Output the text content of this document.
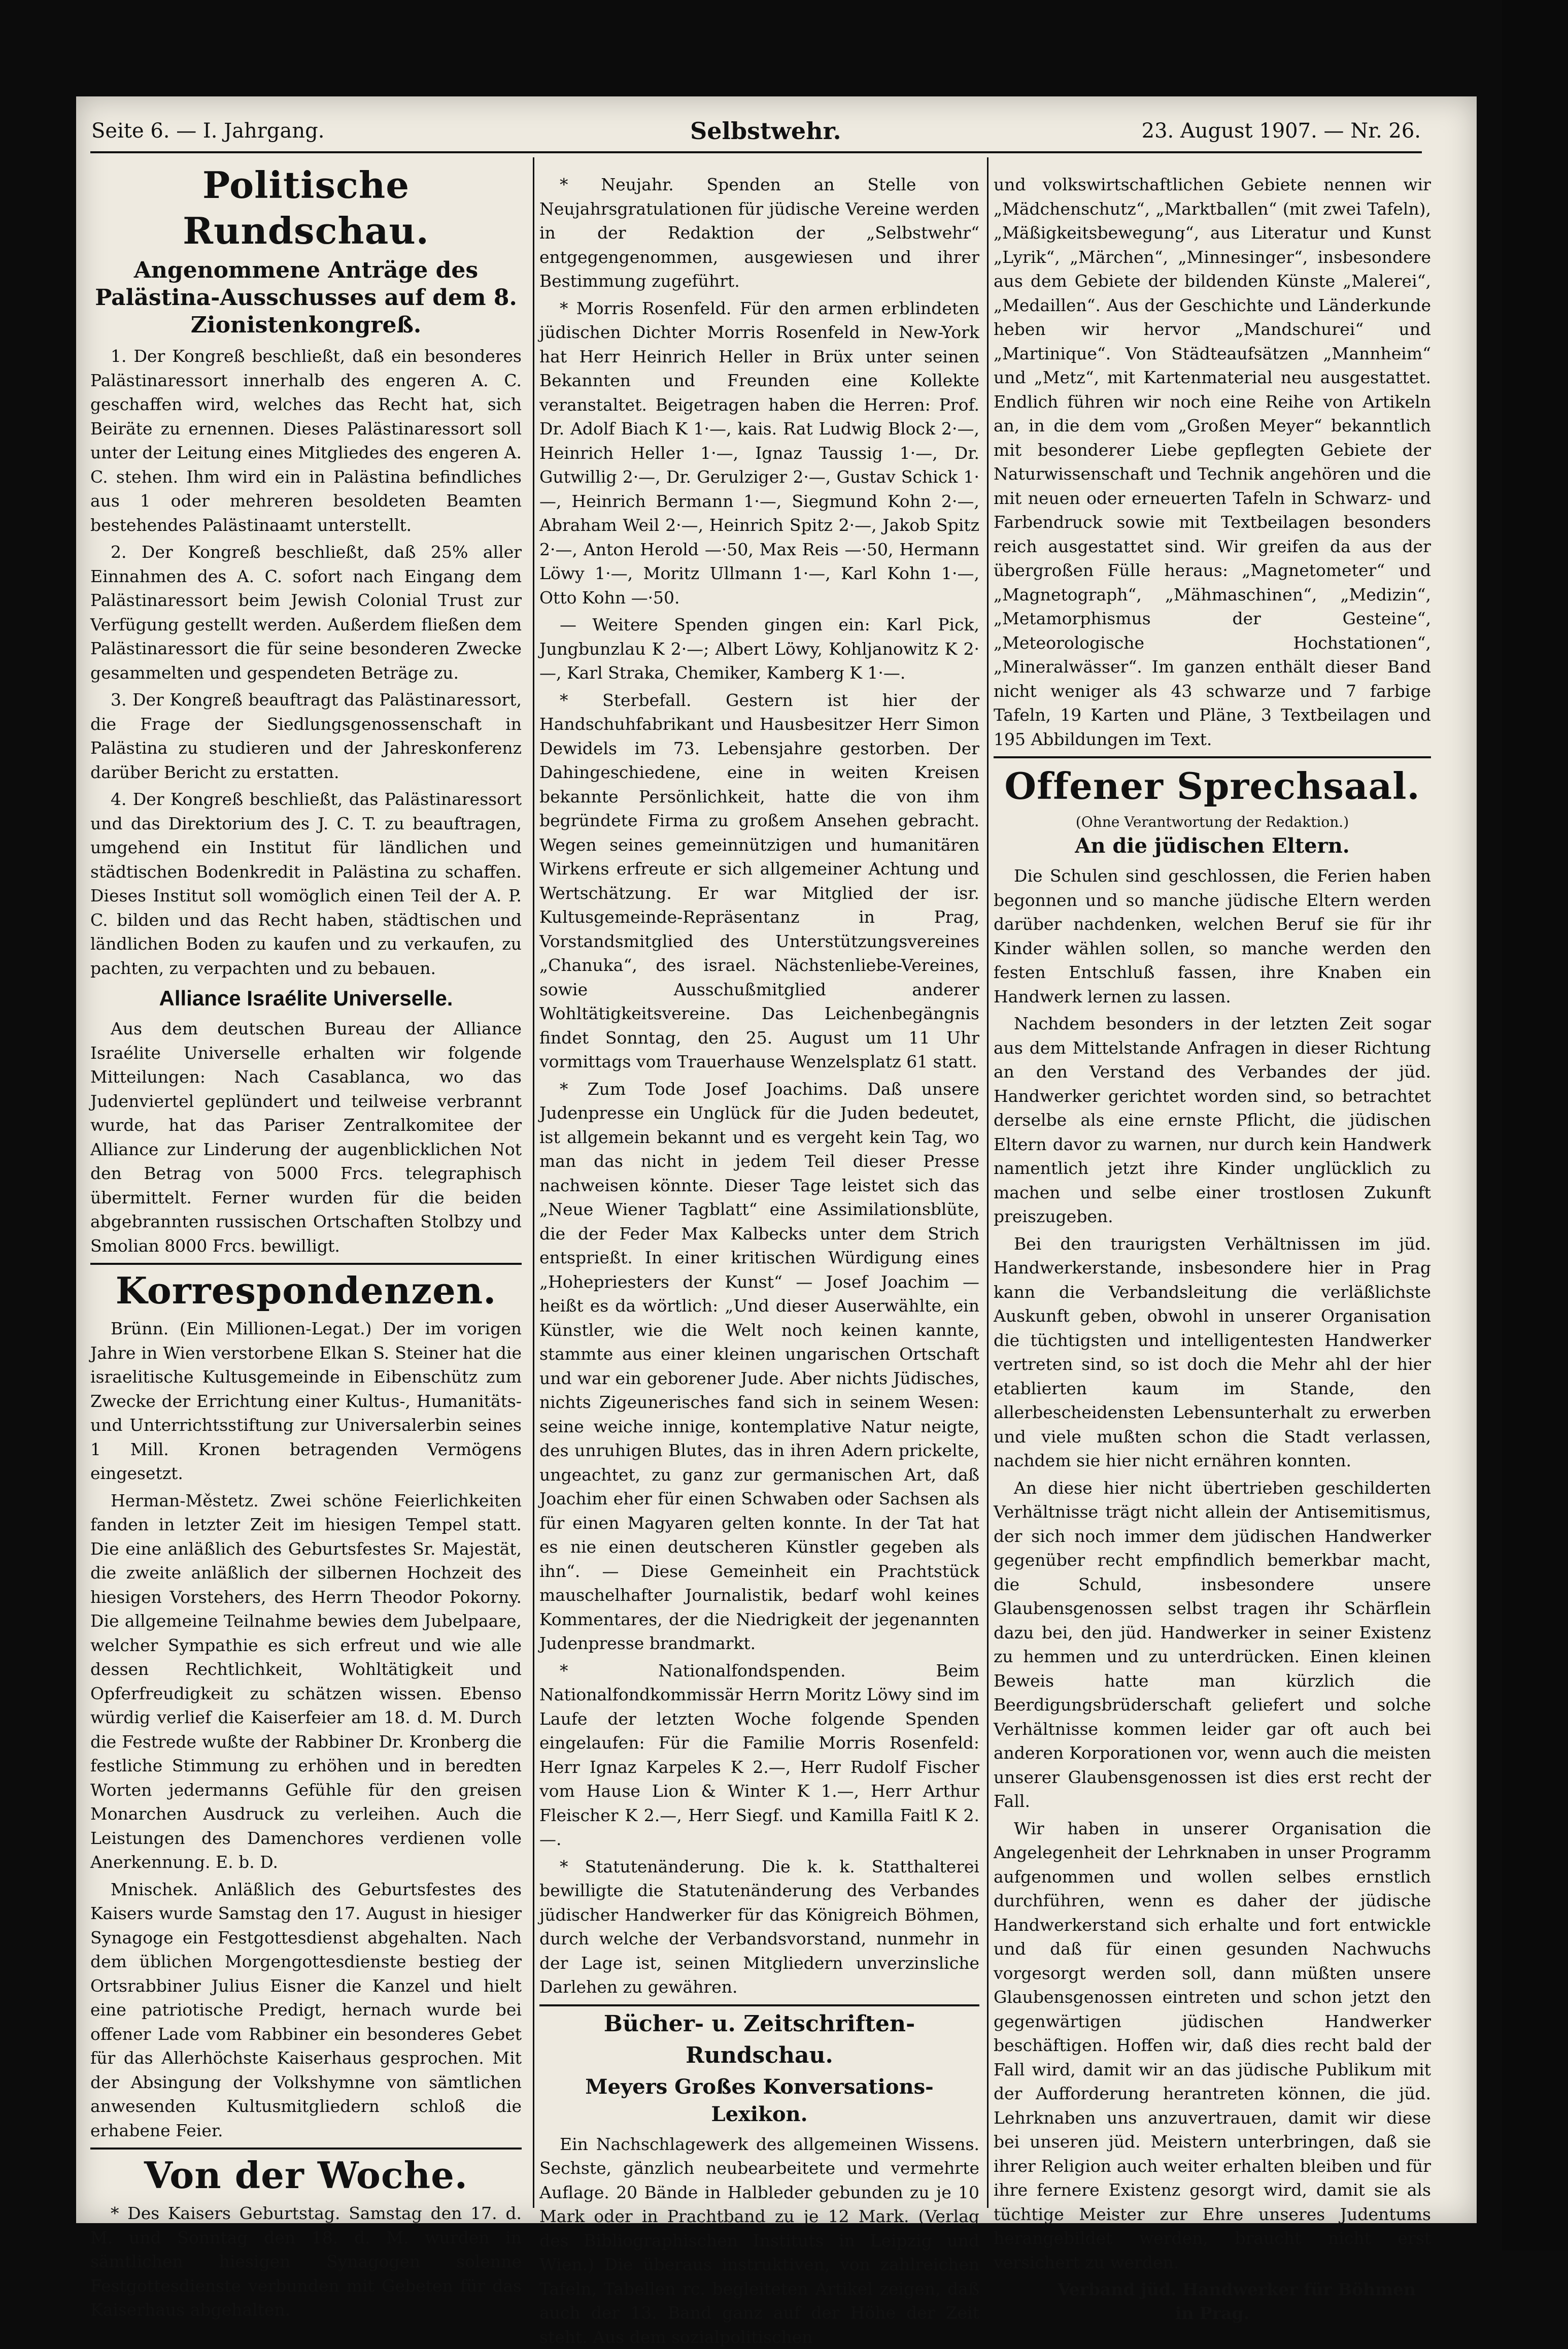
Seite 6. — I. Jahrgang.	Selbstwehr.	23. August 1907. — Nr. 26.
Politische Rundschau.
Angenommene Anträge des Palästina-Ausschusses auf dem 8. Zionistenkongreß.

1. Der Kongreß beschließt, daß ein besonderes Palästinaressort innerhalb des engeren A. C. geschaffen wird, welches das Recht hat, sich Beiräte zu ernennen. Dieses Palästinaressort soll unter der Leitung eines Mitgliedes des engeren A. C. stehen. Ihm wird ein in Palästina befindliches aus 1 oder mehreren besoldeten Beamten bestehendes Palästinaamt unterstellt.

2. Der Kongreß beschließt, daß 25% aller Einnahmen des A. C. sofort nach Eingang dem Palästinaressort beim Jewish Colonial Trust zur Verfügung gestellt werden. Außerdem fließen dem Palästinaressort die für seine besonderen Zwecke gesammelten und gespendeten Beträge zu.

3. Der Kongreß beauftragt das Palästinaressort, die Frage der Siedlungsgenossenschaft in Palästina zu studieren und der Jahreskonferenz darüber Bericht zu erstatten.

4. Der Kongreß beschließt, das Palästinaressort und das Direktorium des J. C. T. zu beauftragen, umgehend ein Institut für ländlichen und städtischen Bodenkredit in Palästina zu schaffen. Dieses Institut soll womöglich einen Teil der A. P. C. bilden und das Recht haben, städtischen und ländlichen Boden zu kaufen und zu verkaufen, zu pachten, zu verpachten und zu bebauen.

Alliance Israélite Universelle.

Aus dem deutschen Bureau der Alliance Israélite Universelle erhalten wir folgende Mitteilungen: Nach Casablanca, wo das Judenviertel geplündert und teilweise verbrannt wurde, hat das Pariser Zentralkomitee der Alliance zur Linderung der augenblicklichen Not den Betrag von 5000 Frcs. telegraphisch übermittelt. Ferner wurden für die beiden abgebrannten russischen Ortschaften Stolbzy und Smolian 8000 Frcs. bewilligt.

Korrespondenzen.

Brünn. (Ein Millionen-Legat.) Der im vorigen Jahre in Wien verstorbene Elkan S. Steiner hat die israelitische Kultusgemeinde in Eibenschütz zum Zwecke der Errichtung einer Kultus-, Humanitäts- und Unterrichtsstiftung zur Universalerbin seines 1 Mill. Kronen betragenden Vermögens eingesetzt.

Herman-Městetz. Zwei schöne Feierlichkeiten fanden in letzter Zeit im hiesigen Tempel statt. Die eine anläßlich des Geburtsfestes Sr. Majestät, die zweite anläßlich der silbernen Hochzeit des hiesigen Vorstehers, des Herrn Theodor Pokorny. Die allgemeine Teilnahme bewies dem Jubelpaare, welcher Sympathie es sich erfreut und wie alle dessen Rechtlichkeit, Wohltätigkeit und Opferfreudigkeit zu schätzen wissen. Ebenso würdig verlief die Kaiserfeier am 18. d. M. Durch die Festrede wußte der Rabbiner Dr. Kronberg die festliche Stimmung zu erhöhen und in beredten Worten jedermanns Gefühle für den greisen Monarchen Ausdruck zu verleihen. Auch die Leistungen des Damenchores verdienen volle Anerkennung. E. b. D.

Mnischek. Anläßlich des Geburtsfestes des Kaisers wurde Samstag den 17. August in hiesiger Synagoge ein Festgottesdienst abgehalten. Nach dem üblichen Morgengottesdienste bestieg der Ortsrabbiner Julius Eisner die Kanzel und hielt eine patriotische Predigt, hernach wurde bei offener Lade vom Rabbiner ein besonderes Gebet für das Allerhöchste Kaiserhaus gesprochen. Mit der Absingung der Volkshymne von sämtlichen anwesenden Kultusmitgliedern schloß die erhabene Feier.

Von der Woche.

* Des Kaisers Geburtstag. Samstag den 17. d. M. und Sonntag den 18. d. M. wurden in sämtlichen hiesigen Synagogen solenne Festgottesdienste verbunden mit Gebeten für das Kaiserhaus abgehalten.

* Neujahr. Spenden an Stelle von Neujahrsgratulationen für jüdische Vereine werden in der Redaktion der „Selbstwehr“ entgegengenommen, ausgewiesen und ihrer Bestimmung zugeführt.

* Morris Rosenfeld. Für den armen erblindeten jüdischen Dichter Morris Rosenfeld in New-York hat Herr Heinrich Heller in Brüx unter seinen Bekannten und Freunden eine Kollekte veranstaltet. Beigetragen haben die Herren: Prof. Dr. Adolf Biach K 1·—, kais. Rat Ludwig Block 2·—, Heinrich Heller 1·—, Ignaz Taussig 1·—, Dr. Gutwillig 2·—, Dr. Gerulziger 2·—, Gustav Schick 1·—, Heinrich Bermann 1·—, Siegmund Kohn 2·—, Abraham Weil 2·—, Heinrich Spitz 2·—, Jakob Spitz 2·—, Anton Herold —·50, Max Reis —·50, Hermann Löwy 1·—, Moritz Ullmann 1·—, Karl Kohn 1·—, Otto Kohn —·50.

— Weitere Spenden gingen ein: Karl Pick, Jungbunzlau K 2·—; Albert Löwy, Kohljanowitz K 2·—, Karl Straka, Chemiker, Kamberg K 1·—.

* Sterbefall. Gestern ist hier der Handschuhfabrikant und Hausbesitzer Herr Simon Dewidels im 73. Lebensjahre gestorben. Der Dahingeschiedene, eine in weiten Kreisen bekannte Persönlichkeit, hatte die von ihm begründete Firma zu großem Ansehen gebracht. Wegen seines gemeinnützigen und humanitären Wirkens erfreute er sich allgemeiner Achtung und Wertschätzung. Er war Mitglied der isr. Kultusgemeinde-Repräsentanz in Prag, Vorstandsmitglied des Unterstützungsvereines „Chanuka“, des israel. Nächstenliebe-Vereines, sowie Ausschußmitglied anderer Wohltätigkeitsvereine. Das Leichenbegängnis findet Sonntag, den 25. August um 11 Uhr vormittags vom Trauerhause Wenzelsplatz 61 statt.

* Zum Tode Josef Joachims. Daß unsere Judenpresse ein Unglück für die Juden bedeutet, ist allgemein bekannt und es vergeht kein Tag, wo man das nicht in jedem Teil dieser Presse nachweisen könnte. Dieser Tage leistet sich das „Neue Wiener Tagblatt“ eine Assimilationsblüte, die der Feder Max Kalbecks unter dem Strich entsprießt. In einer kritischen Würdigung eines „Hohepriesters der Kunst“ — Josef Joachim — heißt es da wörtlich: „Und dieser Auserwählte, ein Künstler, wie die Welt noch keinen kannte, stammte aus einer kleinen ungarischen Ortschaft und war ein geborener Jude. Aber nichts Jüdisches, nichts Zigeunerisches fand sich in seinem Wesen: seine weiche innige, kontemplative Natur neigte, des unruhigen Blutes, das in ihren Adern prickelte, ungeachtet, zu ganz zur germanischen Art, daß Joachim eher für einen Schwaben oder Sachsen als für einen Magyaren gelten konnte. In der Tat hat es nie einen deutscheren Künstler gegeben als ihn“. — Diese Gemeinheit ein Prachtstück mauschelhafter Journalistik, bedarf wohl keines Kommentares, der die Niedrigkeit der jegenannten Judenpresse brandmarkt.

* Nationalfondspenden. Beim Nationalfondkommissär Herrn Moritz Löwy sind im Laufe der letzten Woche folgende Spenden eingelaufen: Für die Familie Morris Rosenfeld: Herr Ignaz Karpeles K 2.—, Herr Rudolf Fischer vom Hause Lion & Winter K 1.—, Herr Arthur Fleischer K 2.—, Herr Siegf. und Kamilla Faitl K 2.—.

* Statutenänderung. Die k. k. Statthalterei bewilligte die Statutenänderung des Verbandes jüdischer Handwerker für das Königreich Böhmen, durch welche der Verbandsvorstand, nunmehr in der Lage ist, seinen Mitgliedern unverzinsliche Darlehen zu gewähren.

Bücher- u. Zeitschriften-Rundschau.
Meyers Großes Konversations-Lexikon.

Ein Nachschlagewerk des allgemeinen Wissens. Sechste, gänzlich neubearbeitete und vermehrte Auflage. 20 Bände in Halbleder gebunden zu je 10 Mark oder in Prachtband zu je 12 Mark. (Verlag des Bibliographischen Instituts in Leipzig und Wien.) Die überaus instruktiven, von zahlreichen Tafeln, Tabellen rc. begleiteten Artikel zeigen, daß auch der 13. Band ganz auf der Höhe der Zeit steht. Aus dem sozialpolitischen

und volkswirtschaftlichen Gebiete nennen wir „Mädchenschutz“, „Marktballen“ (mit zwei Tafeln), „Mäßigkeitsbewegung“, aus Literatur und Kunst „Lyrik“, „Märchen“, „Minnesinger“, insbesondere aus dem Gebiete der bildenden Künste „Malerei“, „Medaillen“. Aus der Geschichte und Länderkunde heben wir hervor „Mandschurei“ und „Martinique“. Von Städteaufsätzen „Mannheim“ und „Metz“, mit Kartenmaterial neu ausgestattet. Endlich führen wir noch eine Reihe von Artikeln an, in die dem vom „Großen Meyer“ bekanntlich mit besonderer Liebe gepflegten Gebiete der Naturwissenschaft und Technik angehören und die mit neuen oder erneuerten Tafeln in Schwarz- und Farbendruck sowie mit Textbeilagen besonders reich ausgestattet sind. Wir greifen da aus der übergroßen Fülle heraus: „Magnetometer“ und „Magnetograph“, „Mähmaschinen“, „Medizin“, „Metamorphismus der Gesteine“, „Meteorologische Hochstationen“, „Mineralwässer“. Im ganzen enthält dieser Band nicht weniger als 43 schwarze und 7 farbige Tafeln, 19 Karten und Pläne, 3 Textbeilagen und 195 Abbildungen im Text.

Offener Sprechsaal.
(Ohne Verantwortung der Redaktion.)
An die jüdischen Eltern.

Die Schulen sind geschlossen, die Ferien haben begonnen und so manche jüdische Eltern werden darüber nachdenken, welchen Beruf sie für ihr Kinder wählen sollen, so manche werden den festen Entschluß fassen, ihre Knaben ein Handwerk lernen zu lassen.

Nachdem besonders in der letzten Zeit sogar aus dem Mittelstande Anfragen in dieser Richtung an den Verstand des Verbandes der jüd. Handwerker gerichtet worden sind, so betrachtet derselbe als eine ernste Pflicht, die jüdischen Eltern davor zu warnen, nur durch kein Handwerk namentlich jetzt ihre Kinder unglücklich zu machen und selbe einer trostlosen Zukunft preiszugeben.

Bei den traurigsten Verhältnissen im jüd. Handwerkerstande, insbesondere hier in Prag kann die Verbandsleitung die verläßlichste Auskunft geben, obwohl in unserer Organisation die tüchtigsten und intelligentesten Handwerker vertreten sind, so ist doch die Mehr ahl der hier etablierten kaum im Stande, den allerbescheidensten Lebensunterhalt zu erwerben und viele mußten schon die Stadt verlassen, nachdem sie hier nicht ernähren konnten.

An diese hier nicht übertrieben geschilderten Verhältnisse trägt nicht allein der Antisemitismus, der sich noch immer dem jüdischen Handwerker gegenüber recht empfindlich bemerkbar macht, die Schuld, insbesondere unsere Glaubensgenossen selbst tragen ihr Schärflein dazu bei, den jüd. Handwerker in seiner Existenz zu hemmen und zu unterdrücken. Einen kleinen Beweis hatte man kürzlich die Beerdigungsbrüderschaft geliefert und solche Verhältnisse kommen leider gar oft auch bei anderen Korporationen vor, wenn auch die meisten unserer Glaubensgenossen ist dies erst recht der Fall.

Wir haben in unserer Organisation die Angelegenheit der Lehrknaben in unser Programm aufgenommen und wollen selbes ernstlich durchführen, wenn es daher der jüdische Handwerkerstand sich erhalte und fort entwickle und daß für einen gesunden Nachwuchs vorgesorgt werden soll, dann müßten unsere Glaubensgenossen eintreten und schon jetzt den gegenwärtigen jüdischen Handwerker beschäftigen. Hoffen wir, daß dies recht bald der Fall wird, damit wir an das jüdische Publikum mit der Aufforderung herantreten können, die jüd. Lehrknaben uns anzuvertrauen, damit wir diese bei unseren jüd. Meistern unterbringen, daß sie ihrer Religion auch weiter erhalten bleiben und für ihre fernere Existenz gesorgt wird, damit sie als tüchtige Meister zur Ehre unseres Judentums herangebildet werden, braucht nicht erst versichert zu werden.

Verband jüd. Handwerker für Böhmen
in Prag.
